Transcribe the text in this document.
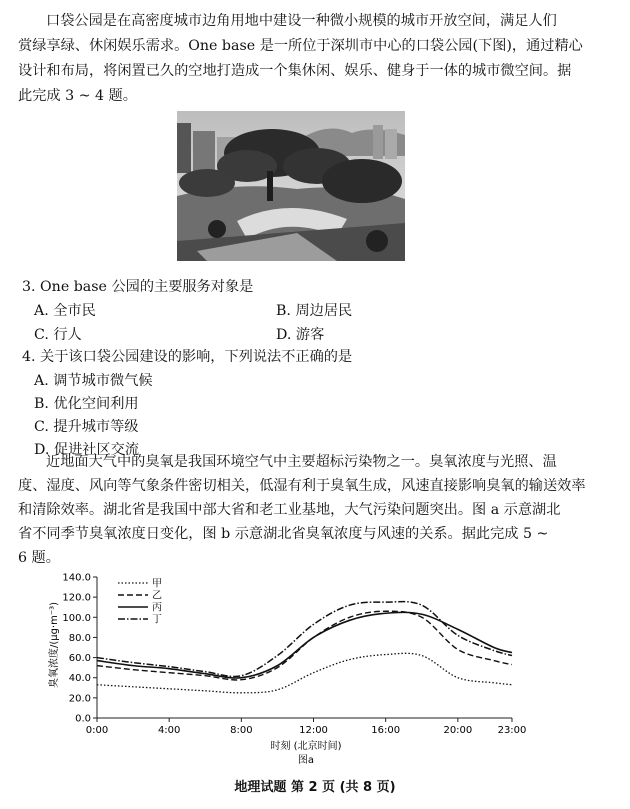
口袋公园是在高密度城市边角用地中建设一种微小规模的城市开放空间，满足人们
赏绿享绿、休闲娱乐需求。One base 是一所位于深圳市中心的口袋公园(下图)，通过精心
设计和布局，将闲置已久的空地打造成一个集休闲、娱乐、健身于一体的城市微空间。据
此完成 3 ~ 4 题。
3. One base 公园的主要服务对象是
A. 全市民	B. 周边居民
C. 行人	D. 游客
4. 关于该口袋公园建设的影响，下列说法不正确的是
A. 调节城市微气候
B. 优化空间利用
C. 提升城市等级
D. 促进社区交流
近地面大气中的臭氧是我国环境空气中主要超标污染物之一。臭氧浓度与光照、温
度、湿度、风向等气象条件密切相关，低湿有利于臭氧生成，风速直接影响臭氧的输送效率
和清除效率。湖北省是我国中部大省和老工业基地，大气污染问题突出。图 a 示意湖北
省不同季节臭氧浓度日变化，图 b 示意湖北省臭氧浓度与风速的关系。据此完成 5 ~
6 题。
0.0
20.0
40.0
60.0
80.0
100.0
120.0
140.0
0:00	4:00	8:00	12:00	16:00	20:00	23:00
甲
乙
丙
丁
时刻 (北京时间)
图a
臭氧浓度/(μg·m⁻³)
地理试题 第 2 页 (共 8 页)
